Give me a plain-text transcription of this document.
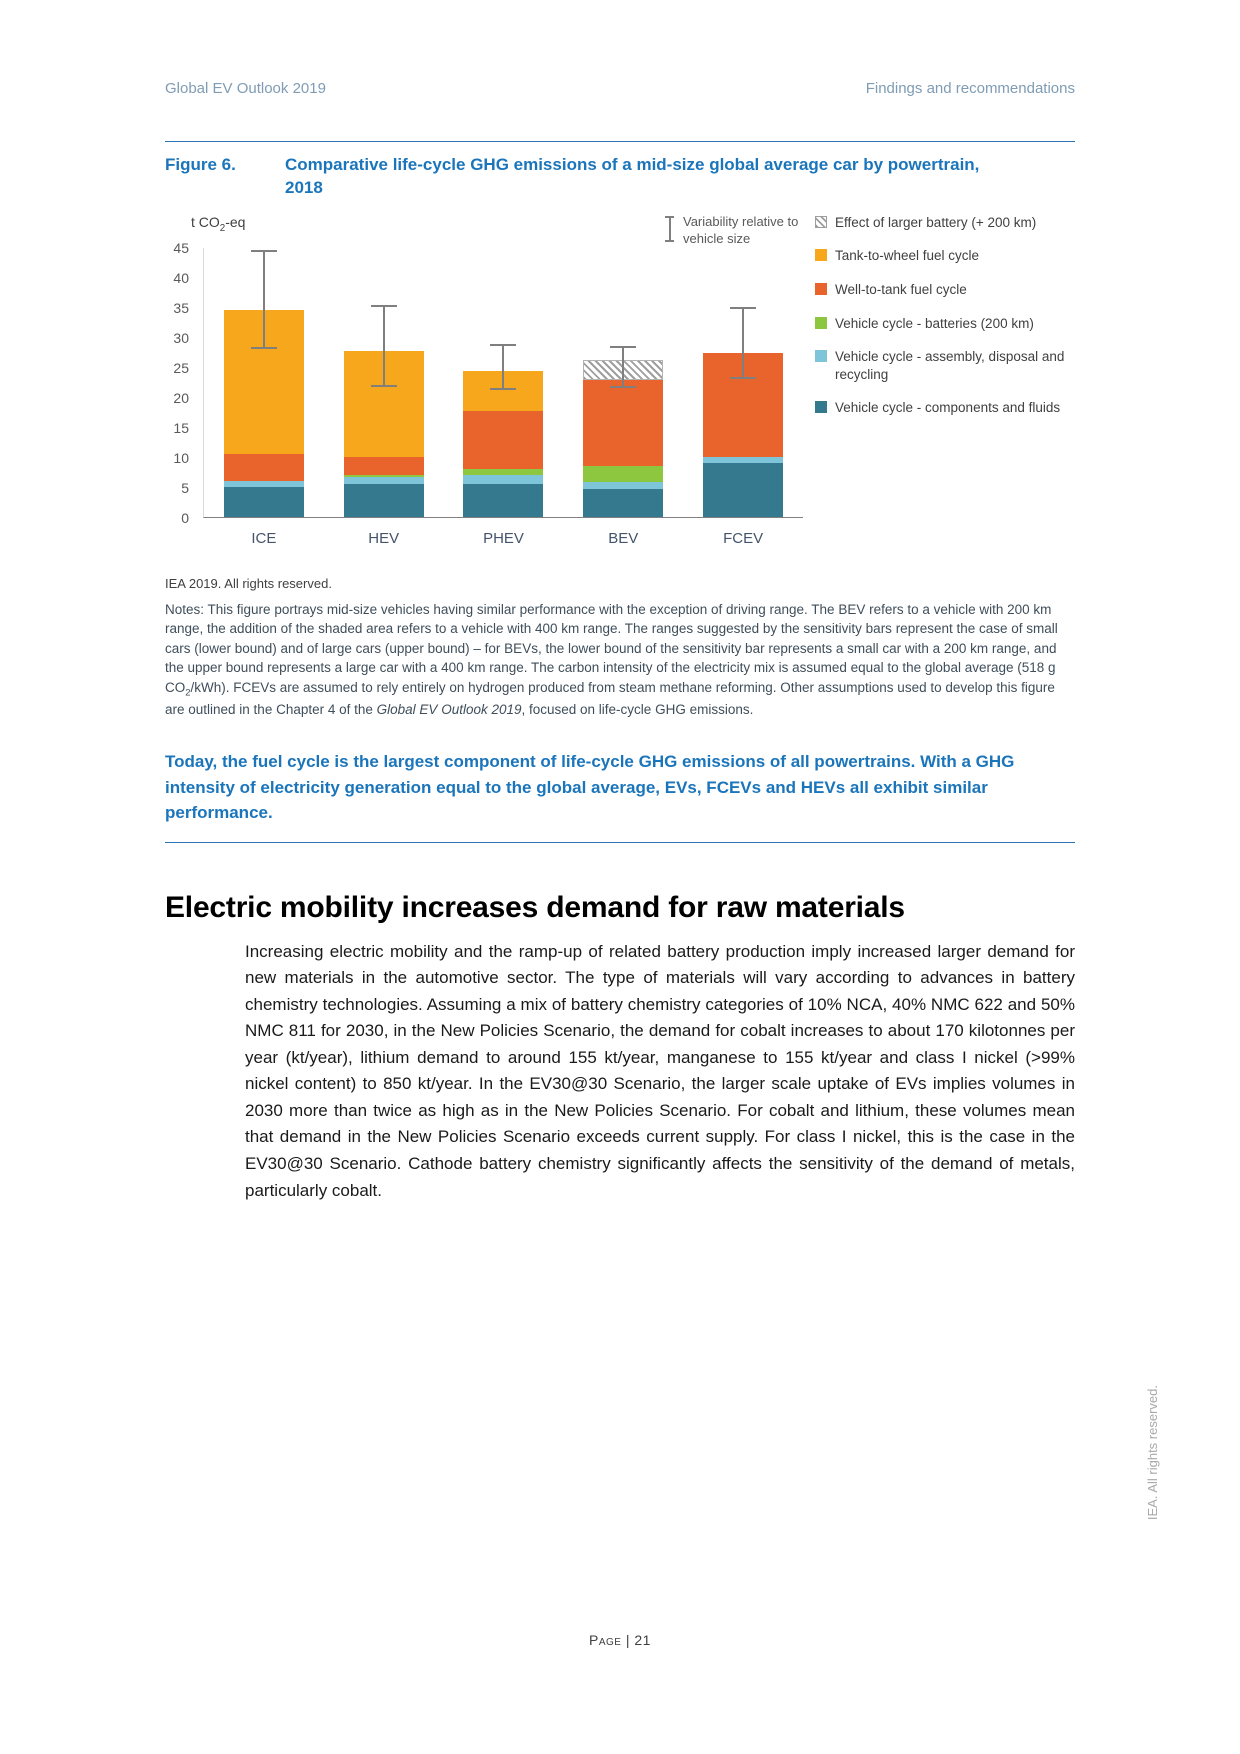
Global EV Outlook 2019	Findings and recommendations
Figure 6.	Comparative life-cycle GHG emissions of a mid-size global average car by powertrain, 2018
t $CO_2-eq$	Variability relative to vehicle size
0
5
10
15
20
25
30
35
40
45
ICE	HEV	PHEV	BEV	FCEV
Effect of larger battery (+ 200 km)
Tank-to-wheel fuel cycle
Well-to-tank fuel cycle
Vehicle cycle - batteries (200 km)
Vehicle cycle - assembly, disposal and recycling
Vehicle cycle - components and fluids
IEA 2019. All rights reserved.

Notes: This figure portrays mid-size vehicles having similar performance with the exception of driving range. The BEV refers to a vehicle with 200 km range, the addition of the shaded area refers to a vehicle with 400 km range. The ranges suggested by the sensitivity bars represent the case of small cars (lower bound) and of large cars (upper bound) – for BEVs, the lower bound of the sensitivity bar represents a small car with a 200 km range, and the upper bound represents a large car with a 400 km range. The carbon intensity of the electricity mix is assumed equal to the global average (518 g $CO_2/kWh$). FCEVs are assumed to rely entirely on hydrogen produced from steam methane reforming. Other assumptions used to develop this figure are outlined in the Chapter 4 of the Global EV Outlook 2019, focused on life-cycle GHG emissions.

Today, the fuel cycle is the largest component of life-cycle GHG emissions of all powertrains. With a GHG intensity of electricity generation equal to the global average, EVs, FCEVs and HEVs all exhibit similar performance.

Electric mobility increases demand for raw materials

Increasing electric mobility and the ramp-up of related battery production imply increased larger demand for new materials in the automotive sector. The type of materials will vary according to advances in battery chemistry technologies. Assuming a mix of battery chemistry categories of 10% NCA, 40% NMC 622 and 50% NMC 811 for 2030, in the New Policies Scenario, the demand for cobalt increases to about 170 kilotonnes per year (kt/year), lithium demand to around 155 kt/year, manganese to 155 kt/year and class I nickel (>99% nickel content) to 850 kt/year. In the EV30@30 Scenario, the larger scale uptake of EVs implies volumes in 2030 more than twice as high as in the New Policies Scenario. For cobalt and lithium, these volumes mean that demand in the New Policies Scenario exceeds current supply. For class I nickel, this is the case in the EV30@30 Scenario. Cathode battery chemistry significantly affects the sensitivity of the demand of metals, particularly cobalt.

Page | 21
IEA. All rights reserved.
